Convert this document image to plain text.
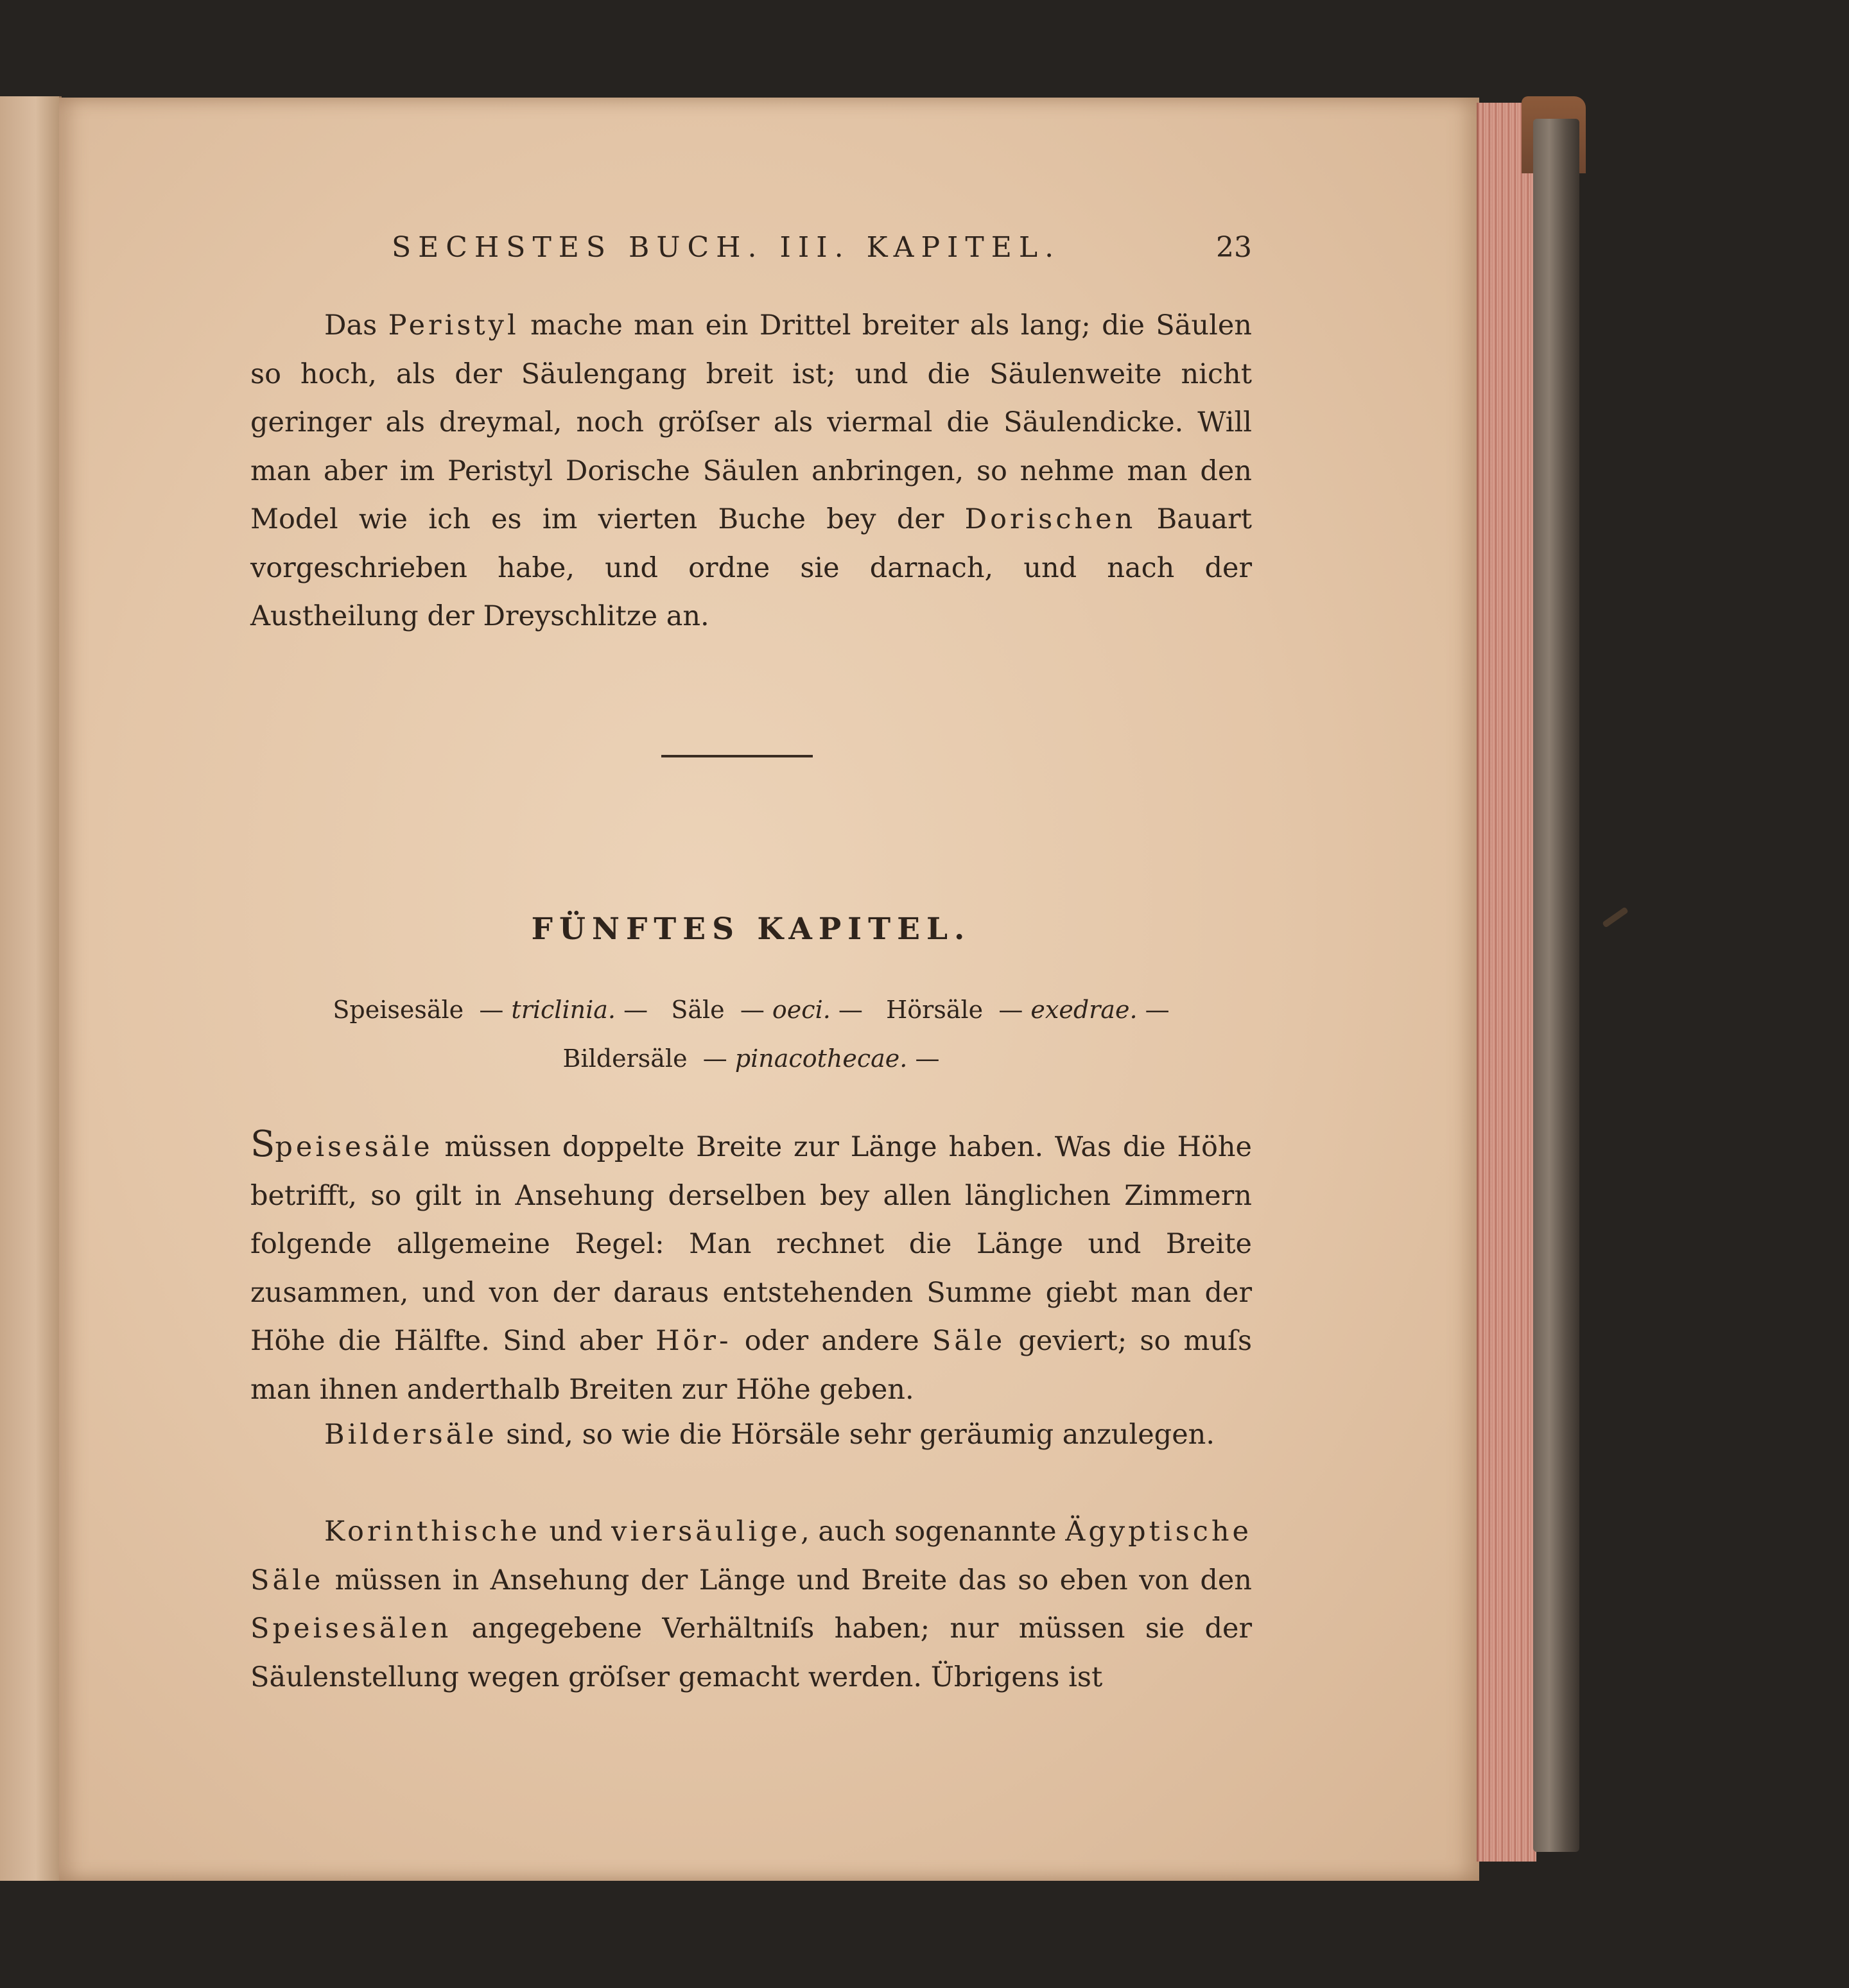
SECHSTES BUCH. III. KAPITEL.	23

Das Peristyl mache man ein Drittel breiter als lang; die Säulen so hoch, als der Säulengang breit ist; und die Säulenweite nicht geringer als dreymal, noch gröſser als viermal die Säulendicke. Will man aber im Peristyl Dorische Säulen anbringen, so nehme man den Model wie ich es im vierten Buche bey der Dorischen Bauart vorgeschrieben habe, und ordne sie darnach, und nach der Austheilung der Dreyschlitze an.

FÜNFTES KAPITEL.

Speisesäle — triclinia. — Säle — oeci. — Hörsäle — exedrae. —
Bildersäle — pinacothecae. —

Speisesäle müssen doppelte Breite zur Länge haben. Was die Höhe betrifft, so gilt in Ansehung derselben bey allen länglichen Zimmern folgende allgemeine Regel: Man rechnet die Länge und Breite zusammen, und von der daraus entstehenden Summe giebt man der Höhe die Hälfte. Sind aber Hör- oder andere Säle geviert; so muſs man ihnen anderthalb Breiten zur Höhe geben.

Bildersäle sind, so wie die Hörsäle sehr geräumig anzulegen.

Korinthische und viersäulige, auch sogenannte Ägyptische Säle müssen in Ansehung der Länge und Breite das so eben von den Speisesälen angegebene Verhältniſs haben; nur müssen sie der Säulenstellung wegen gröſser gemacht werden. Übrigens ist
